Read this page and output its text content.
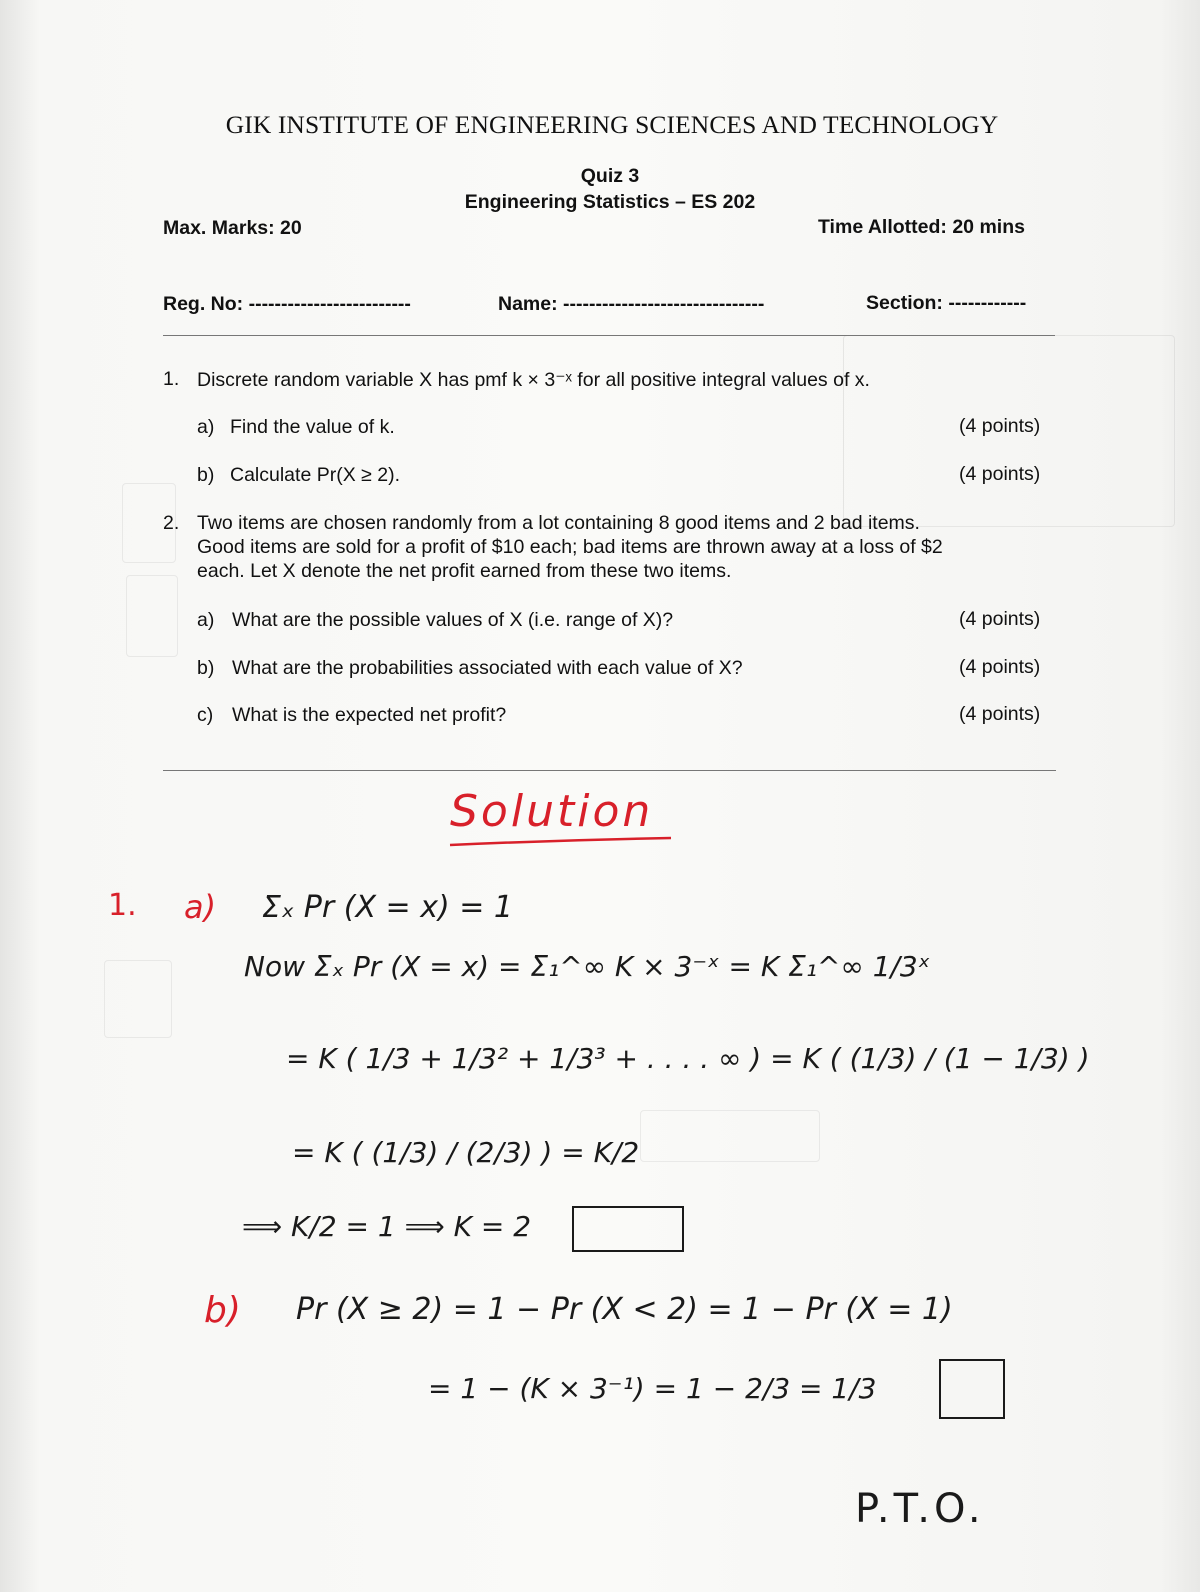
GIK INSTITUTE OF ENGINEERING SCIENCES AND TECHNOLOGY
Quiz 3
Engineering Statistics – ES 202
Max. Marks: 20	Time Allotted: 20 mins
Reg. No: -------------------------	Name: -------------------------------	Section: ------------
1. Discrete random variable X has pmf k × 3⁻ˣ for all positive integral values of x.
a) Find the value of k.	(4 points)
b) Calculate Pr(X ≥ 2).	(4 points)
2. Two items are chosen randomly from a lot containing 8 good items and 2 bad items.
Good items are sold for a profit of $10 each; bad items are thrown away at a loss of $2
each. Let X denote the net profit earned from these two items.
a) What are the possible values of X (i.e. range of X)?	(4 points)
b) What are the probabilities associated with each value of X?	(4 points)
c) What is the expected net profit?	(4 points)
Solution
1. a) Σₓ Pr (X = x) = 1
Now Σₓ Pr (X = x) = Σ₁^∞ K × 3⁻ˣ = K Σ₁^∞ 1/3ˣ
= K ( 1/3 + 1/3² + 1/3³ + . . . . ∞ ) = K ( (1/3) / (1 − 1/3) )
= K ( (1/3) / (2/3) ) = K/2
⟹ K/2 = 1 ⟹ K = 2
b) Pr (X ≥ 2) = 1 − Pr (X < 2) = 1 − Pr (X = 1)
= 1 − (K × 3⁻¹) = 1 − 2/3 = 1/3
P.T.O.
